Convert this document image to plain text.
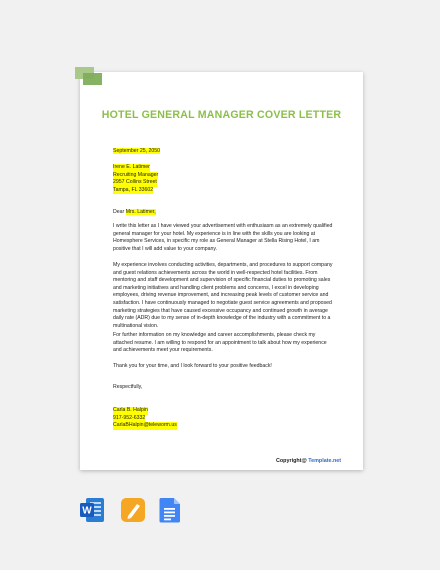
HOTEL GENERAL MANAGER COVER LETTER
September 25, 2050
Irene E. Latimer
Recruiting Manager
2957 Collins Street
Tampa, FL 33602
Dear Mrs. Latimer,
I write this letter as I have viewed your advertisement with enthusiasm as an extremely qualified general manager for your hotel. My experience is in line with the skills you are looking at Homesphere Services, in specific my role as General Manager at Stella Rising Hotel, I am positive that I will add value to your company.
My experience involves conducting activities, departments, and procedures to support company and guest relations achievements across the world in well-respected hotel facilities. From mentoring and staff development and supervision of specific financial duties to promoting sales and marketing initiatives and handling client problems and concerns, I excel in developing employees, driving revenue improvement, and increasing peak levels of customer service and satisfaction. I have continuously managed to negotiate guest service agreements and proposed marketing strategies that have caused excessive occupancy and continued growth in average daily rate (ADR) due to my sense of in-depth knowledge of the industry with a commitment to a multinational vision.
For further information on my knowledge and career accomplishments, please check my attached resume. I am willing to respond for an appointment to talk about how my experience and achievements meet your requirements.
Thank you for your time, and I look forward to your positive feedback!
Respectfully,
Carla B. Halpin
917-952-6332
CarlaBHalpin@teleworm.us
Copyright@ Template.net
W
